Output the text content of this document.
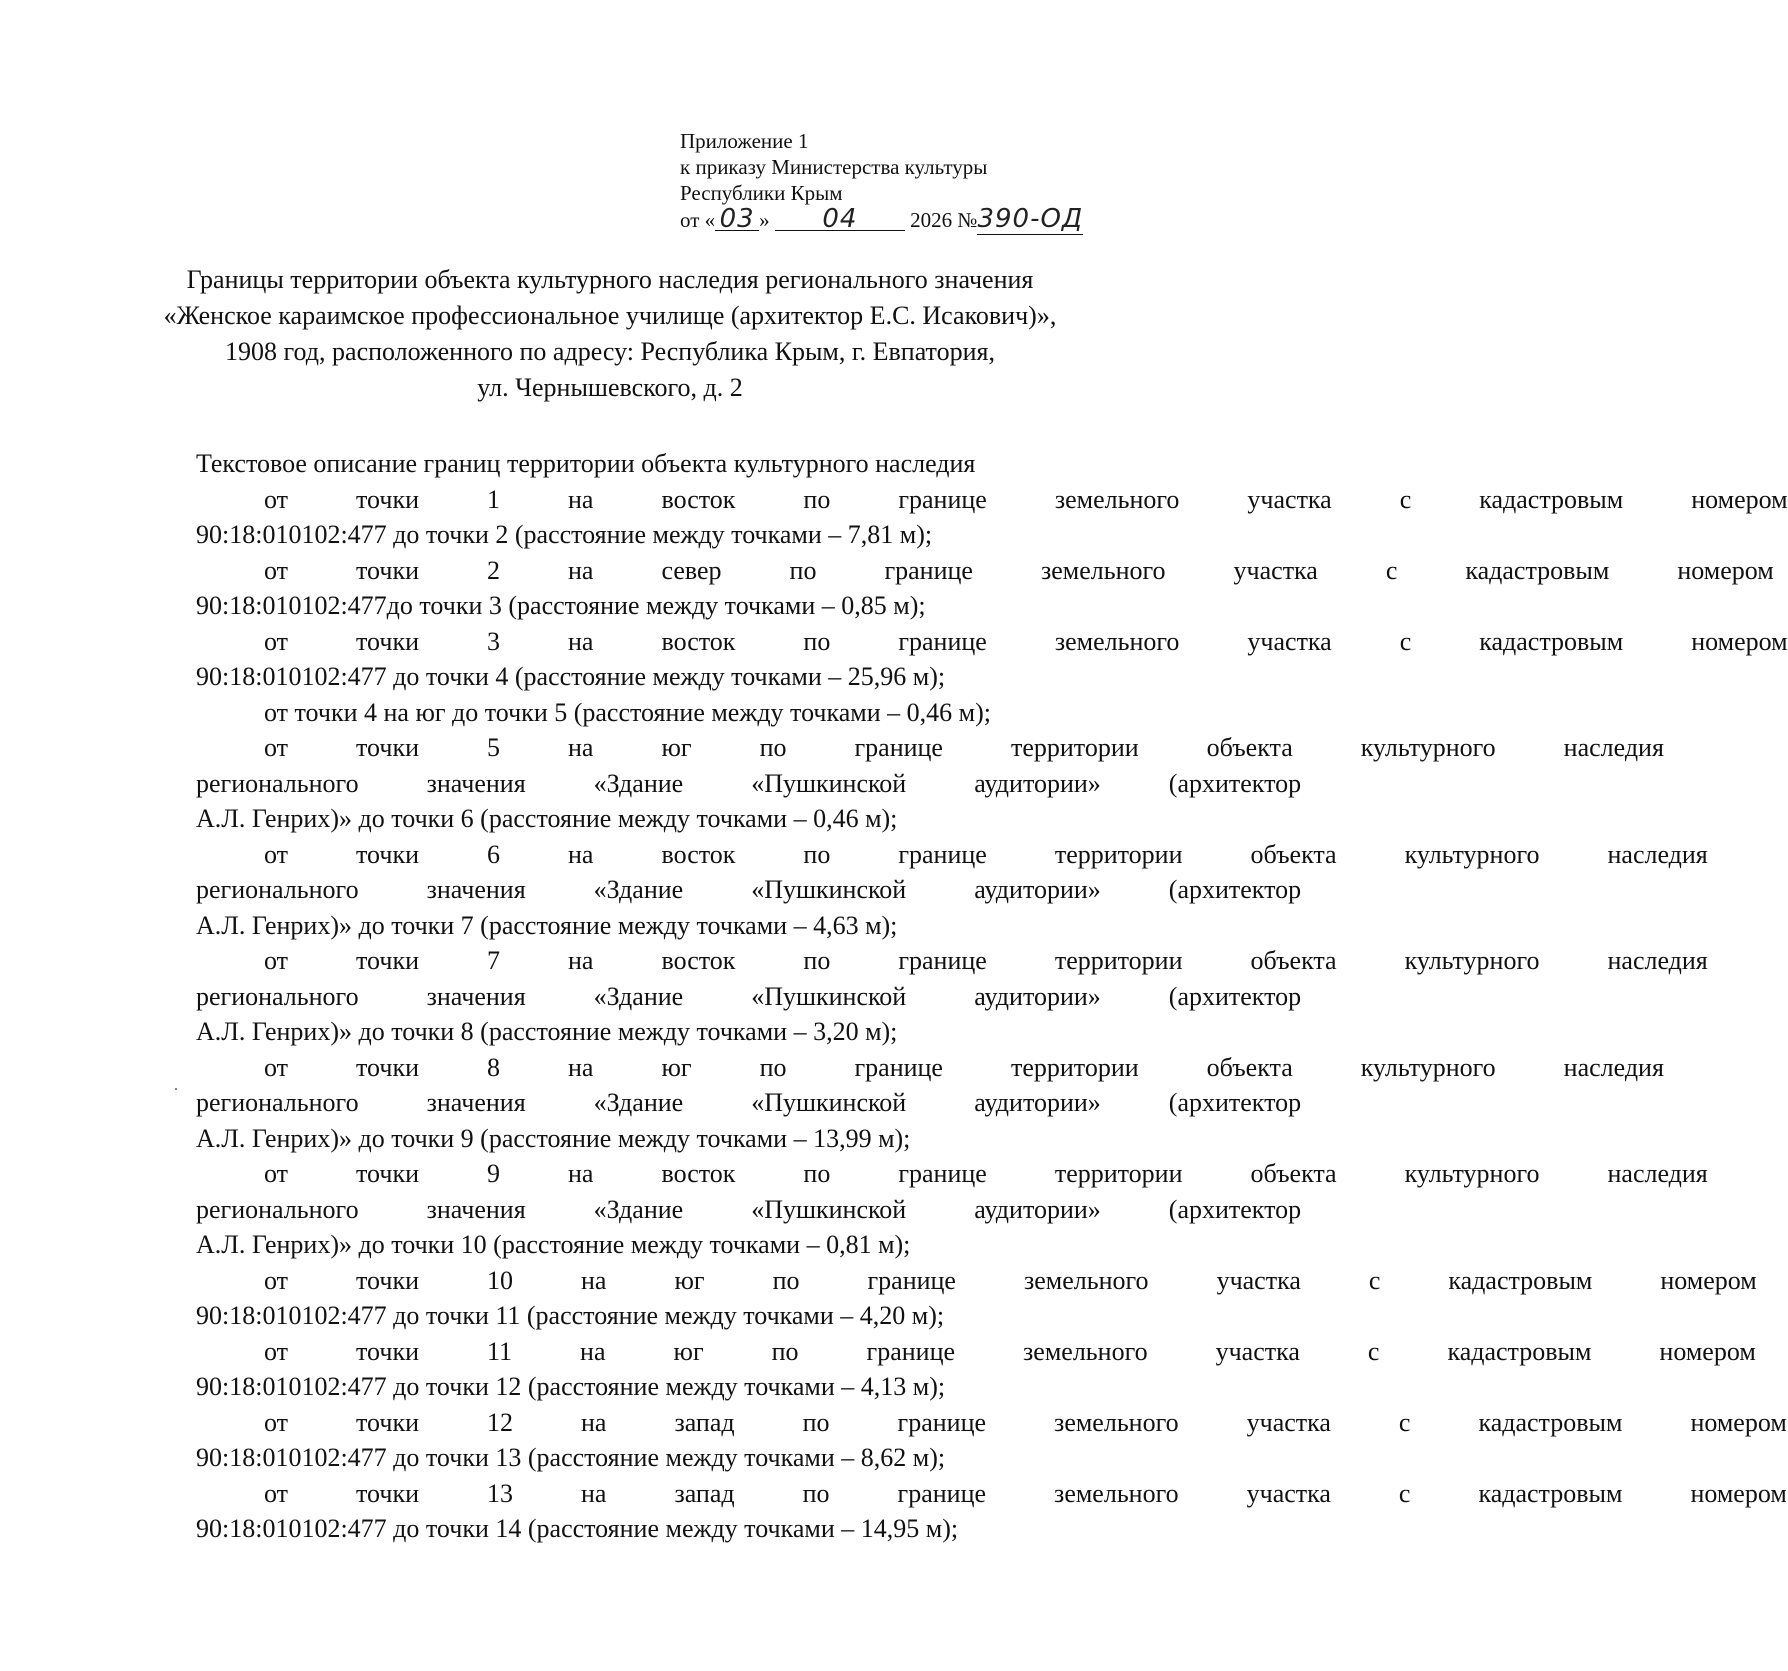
Приложение 1
к приказу Министерства культуры
Республики Крым
от « 03 » 04	2026 №390-ОД
Границы территории объекта культурного наследия регионального значения
«Женское караимское профессиональное училище (архитектор Е.С. Исакович)»,
1908 год, расположенного по адресу: Республика Крым, г. Евпатория,
ул. Чернышевского, д. 2
Текстовое описание границ территории объекта культурного наследия
от	точки	1	на	восток	по	границе	земельного	участка	с	кадастровым	номером
90:18:010102:477 до точки 2 (расстояние между точками – 7,81 м);
от	точки	2	на	север	по	границе	земельного	участка	с	кадастровым	номером
90:18:010102:477до точки 3 (расстояние между точками – 0,85 м);
от	точки	3	на	восток	по	границе	земельного	участка	с	кадастровым	номером
90:18:010102:477 до точки 4 (расстояние между точками – 25,96 м);
от точки 4 на юг до точки 5 (расстояние между точками – 0,46 м);
от	точки	5	на	юг	по	границе	территории	объекта	культурного	наследия
регионального	значения	«Здание	«Пушкинской	аудитории»	(архитектор
А.Л. Генрих)» до точки 6 (расстояние между точками – 0,46 м);
от	точки	6	на	восток	по	границе	территории	объекта	культурного	наследия
регионального	значения	«Здание	«Пушкинской	аудитории»	(архитектор
А.Л. Генрих)» до точки 7 (расстояние между точками – 4,63 м);
от	точки	7	на	восток	по	границе	территории	объекта	культурного	наследия
регионального	значения	«Здание	«Пушкинской	аудитории»	(архитектор
А.Л. Генрих)» до точки 8 (расстояние между точками – 3,20 м);
от	точки	8	на	юг	по	границе	территории	объекта	культурного	наследия
регионального	значения	«Здание	«Пушкинской	аудитории»	(архитектор
А.Л. Генрих)» до точки 9 (расстояние между точками – 13,99 м);
от	точки	9	на	восток	по	границе	территории	объекта	культурного	наследия
регионального	значения	«Здание	«Пушкинской	аудитории»	(архитектор
А.Л. Генрих)» до точки 10 (расстояние между точками – 0,81 м);
от	точки	10	на	юг	по	границе	земельного	участка	с	кадастровым	номером
90:18:010102:477 до точки 11 (расстояние между точками – 4,20 м);
от	точки	11	на	юг	по	границе	земельного	участка	с	кадастровым	номером
90:18:010102:477 до точки 12 (расстояние между точками – 4,13 м);
от	точки	12	на	запад	по	границе	земельного	участка	с	кадастровым	номером
90:18:010102:477 до точки 13 (расстояние между точками – 8,62 м);
от	точки	13	на	запад	по	границе	земельного	участка	с	кадастровым	номером
90:18:010102:477 до точки 14 (расстояние между точками – 14,95 м);
